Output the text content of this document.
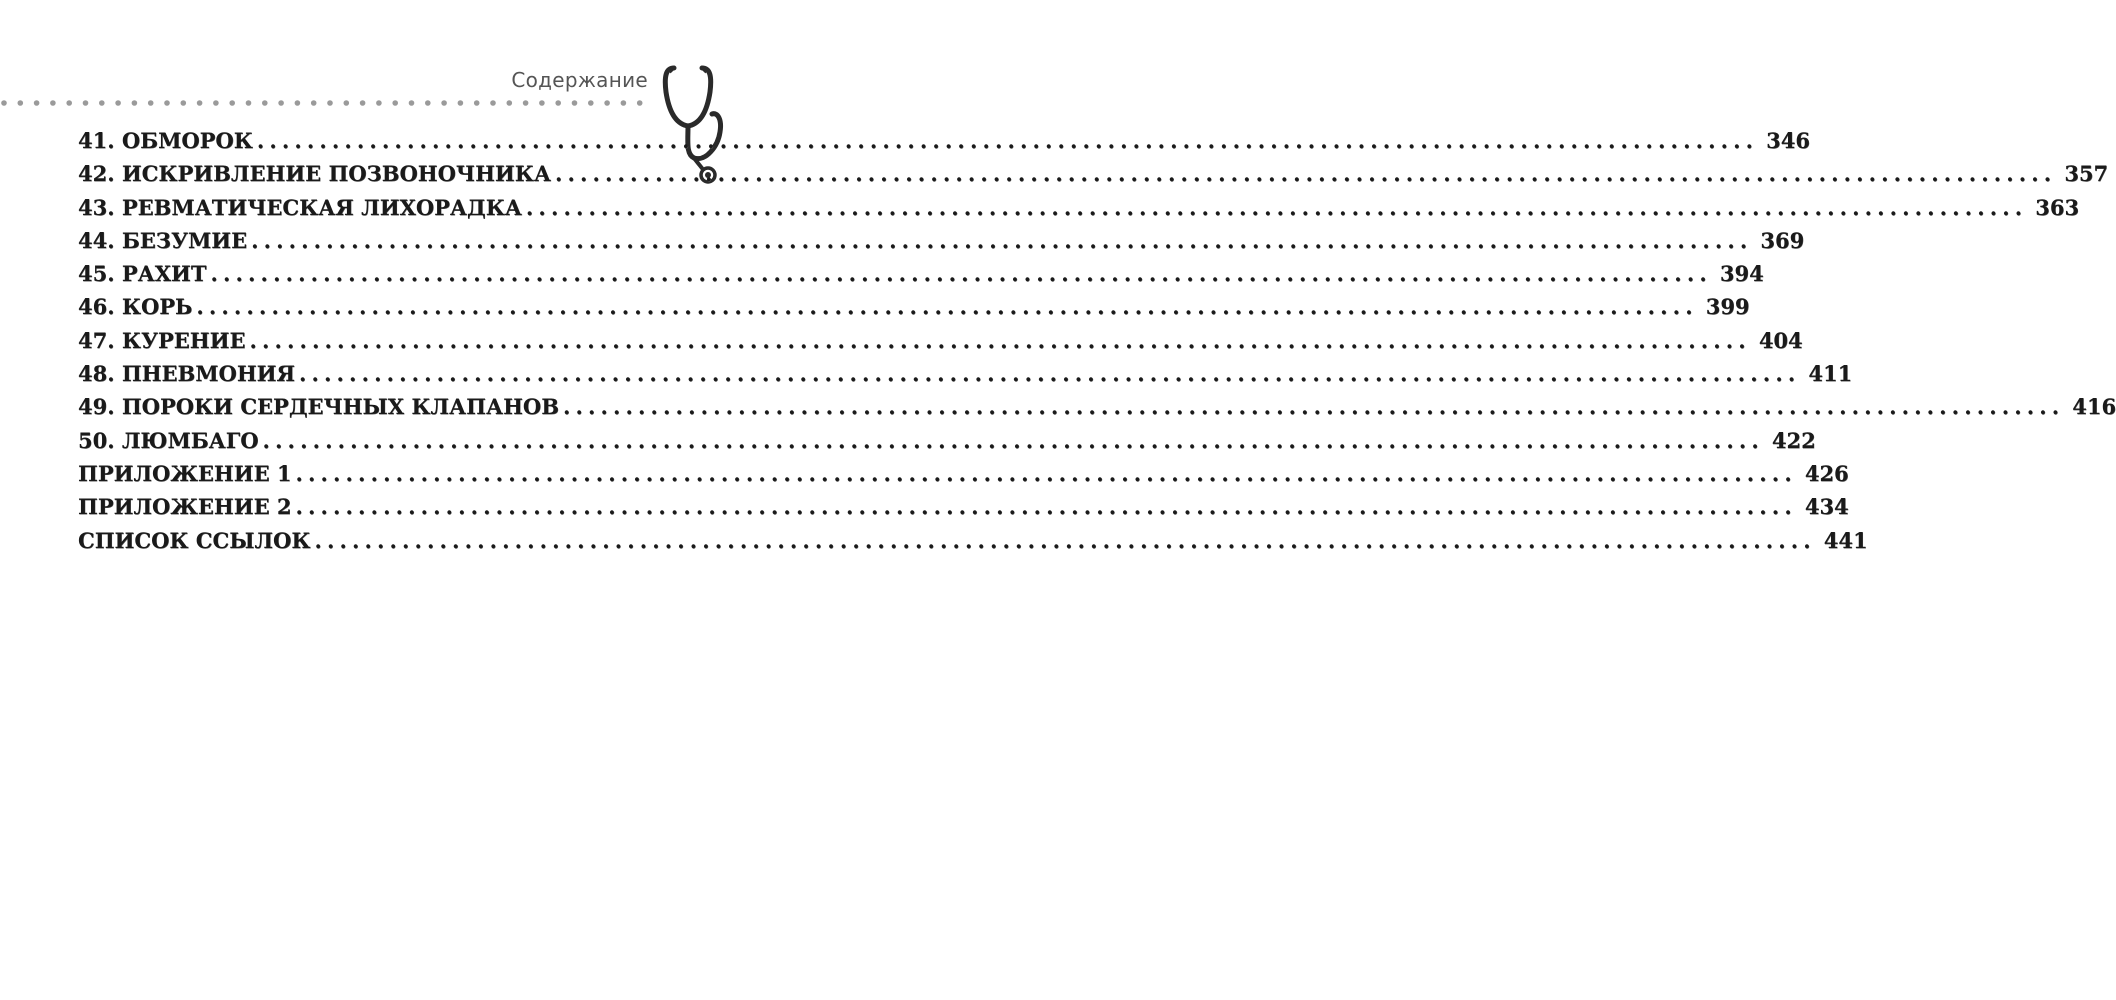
Содержание
41. ОБМОРОК ........................................................................................................................ 346
42. ИСКРИВЛЕНИЕ ПОЗВОНОЧНИКА ........................................................................................................................ 357
43. РЕВМАТИЧЕСКАЯ ЛИХОРАДКА ........................................................................................................................ 363
44. БЕЗУМИЕ ........................................................................................................................ 369
45. РАХИТ ........................................................................................................................ 394
46. КОРЬ ........................................................................................................................ 399
47. КУРЕНИЕ ........................................................................................................................ 404
48. ПНЕВМОНИЯ ........................................................................................................................ 411
49. ПОРОКИ СЕРДЕЧНЫХ КЛАПАНОВ ........................................................................................................................ 416
50. ЛЮМБАГО ........................................................................................................................ 422
ПРИЛОЖЕНИЕ 1 ........................................................................................................................ 426
ПРИЛОЖЕНИЕ 2 ........................................................................................................................ 434
СПИСОК ССЫЛОК ........................................................................................................................ 441
